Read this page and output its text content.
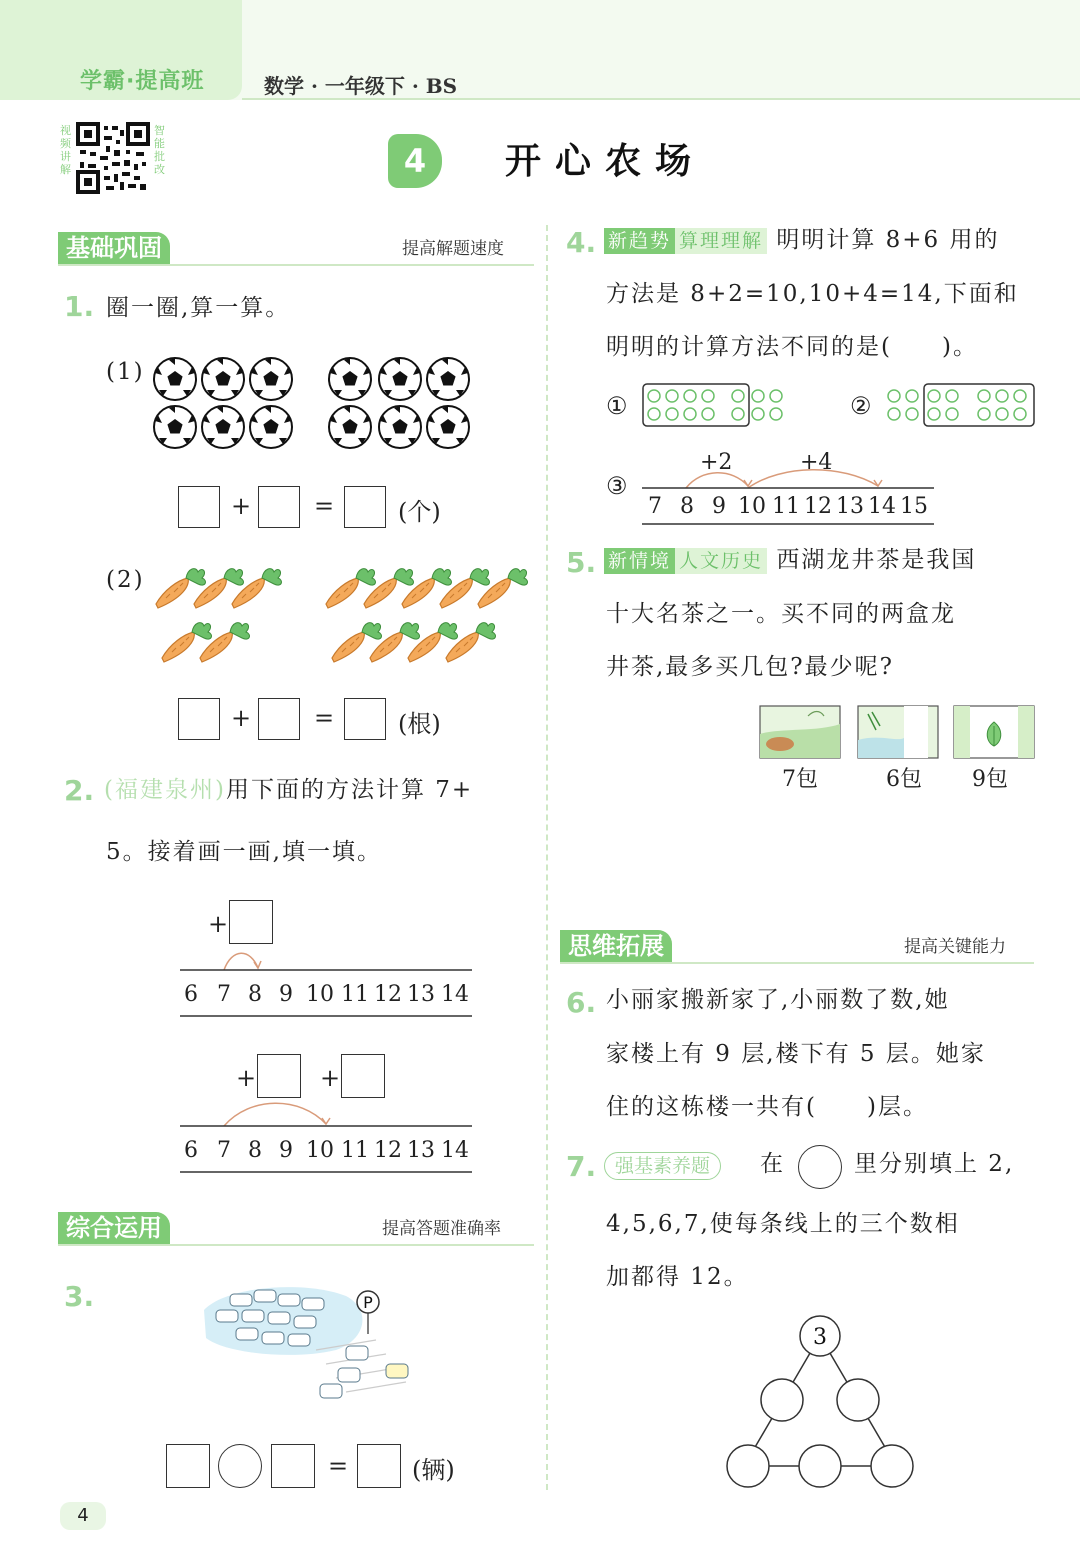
学霸·提高班	数学 · 一年级下 · BS
视频讲解
智能批改	4	开心农场
基础巩固	提高解题速度
1. 圈一圈,算一算。
(1)
+	=	(个)
(2)
+	=	(根)
2. (福建泉州)用下面的方法计算 7+
5。接着画一画,填一填。
+
6 7 8 9 10 11 12 13 14
+	+
6 7 8 9 10 11 12 13 14
综合运用	提高答题准确率
3.	P
=	(辆)
4. 新趋势 算理理解 明明计算 8+6 用的
方法是 8+2=10,10+4=14,下面和
明明的计算方法不同的是(　　)。
①	②
③
+2	+4
7 8 9 10 11 12 13 14 15
5. 新情境 人文历史 西湖龙井茶是我国
十大名茶之一。买不同的两盒龙
井茶,最多买几包?最少呢?
7包	6包 9包
思维拓展	提高关键能力
6. 小丽家搬新家了,小丽数了数,她
家楼上有 9 层,楼下有 5 层。她家
住的这栋楼一共有(　　)层。
7. 强基素养题	在	里分别填上 2,
4,5,6,7,使每条线上的三个数相
加都得 12。
3
4
